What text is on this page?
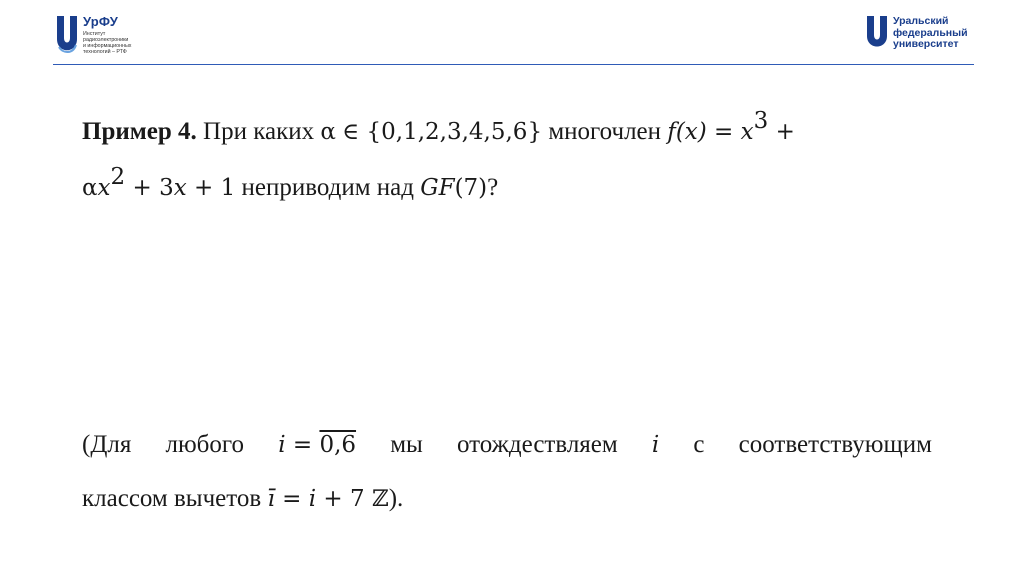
УрФУ
Институт
радиоэлектроники
и информационных
технологий – РТФ
Уральский
федеральный
университет
Пример 4. При каких α ∈ {0,1,2,3,4,5,6} многочлен $f(x) = x^3$ +
$\alpha x^2 + 3x + 1$ неприводим над GF(7)?
(Для любого i = 0,6 мы отождествляем i с соответствующим
классом вычетов ī = i + 7 ℤ).
